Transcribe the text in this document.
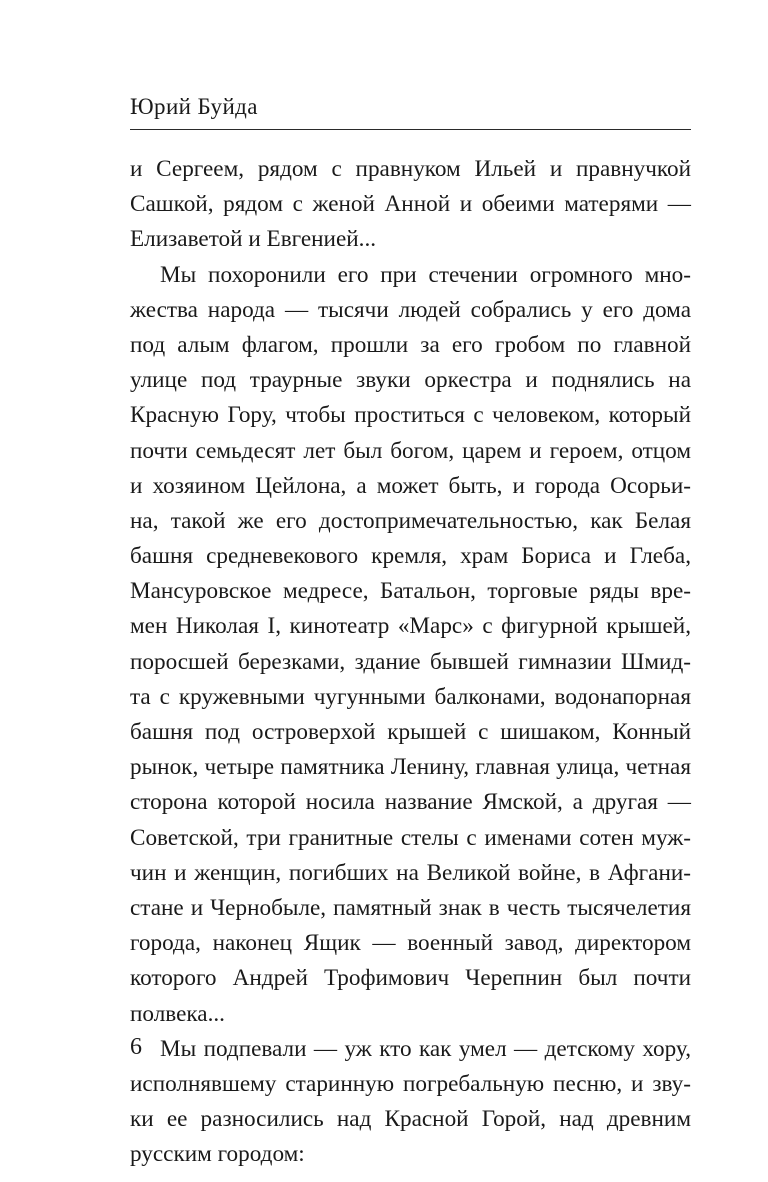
Юрий Буйда
и Сергеем, рядом с правнуком Ильей и правнучкой
Сашкой, рядом с женой Анной и обеими матерями —
Елизаветой и Евгенией...
Мы похоронили его при стечении огромного мно-
жества народа — тысячи людей собрались у его дома
под алым флагом, прошли за его гробом по главной
улице под траурные звуки оркестра и поднялись на
Красную Гору, чтобы проститься с человеком, который
почти семьдесят лет был богом, царем и героем, отцом
и хозяином Цейлона, а может быть, и города Осорьи-
на, такой же его достопримечательностью, как Белая
башня средневекового кремля, храм Бориса и Глеба,
Мансуровское медресе, Батальон, торговые ряды вре-
мен Николая I, кинотеатр «Марс» с фигурной крышей,
поросшей березками, здание бывшей гимназии Шмид-
та с кружевными чугунными балконами, водонапорная
башня под островерхой крышей с шишаком, Конный
рынок, четыре памятника Ленину, главная улица, четная
сторона которой носила название Ямской, а другая —
Советской, три гранитные стелы с именами сотен муж-
чин и женщин, погибших на Великой войне, в Афгани-
стане и Чернобыле, памятный знак в честь тысячелетия
города, наконец Ящик — военный завод, директором
которого Андрей Трофимович Черепнин был почти
полвека...
Мы подпевали — уж кто как умел — детскому хору,
исполнявшему старинную погребальную песню, и зву-
ки ее разносились над Красной Горой, над древним
русским городом:
6
